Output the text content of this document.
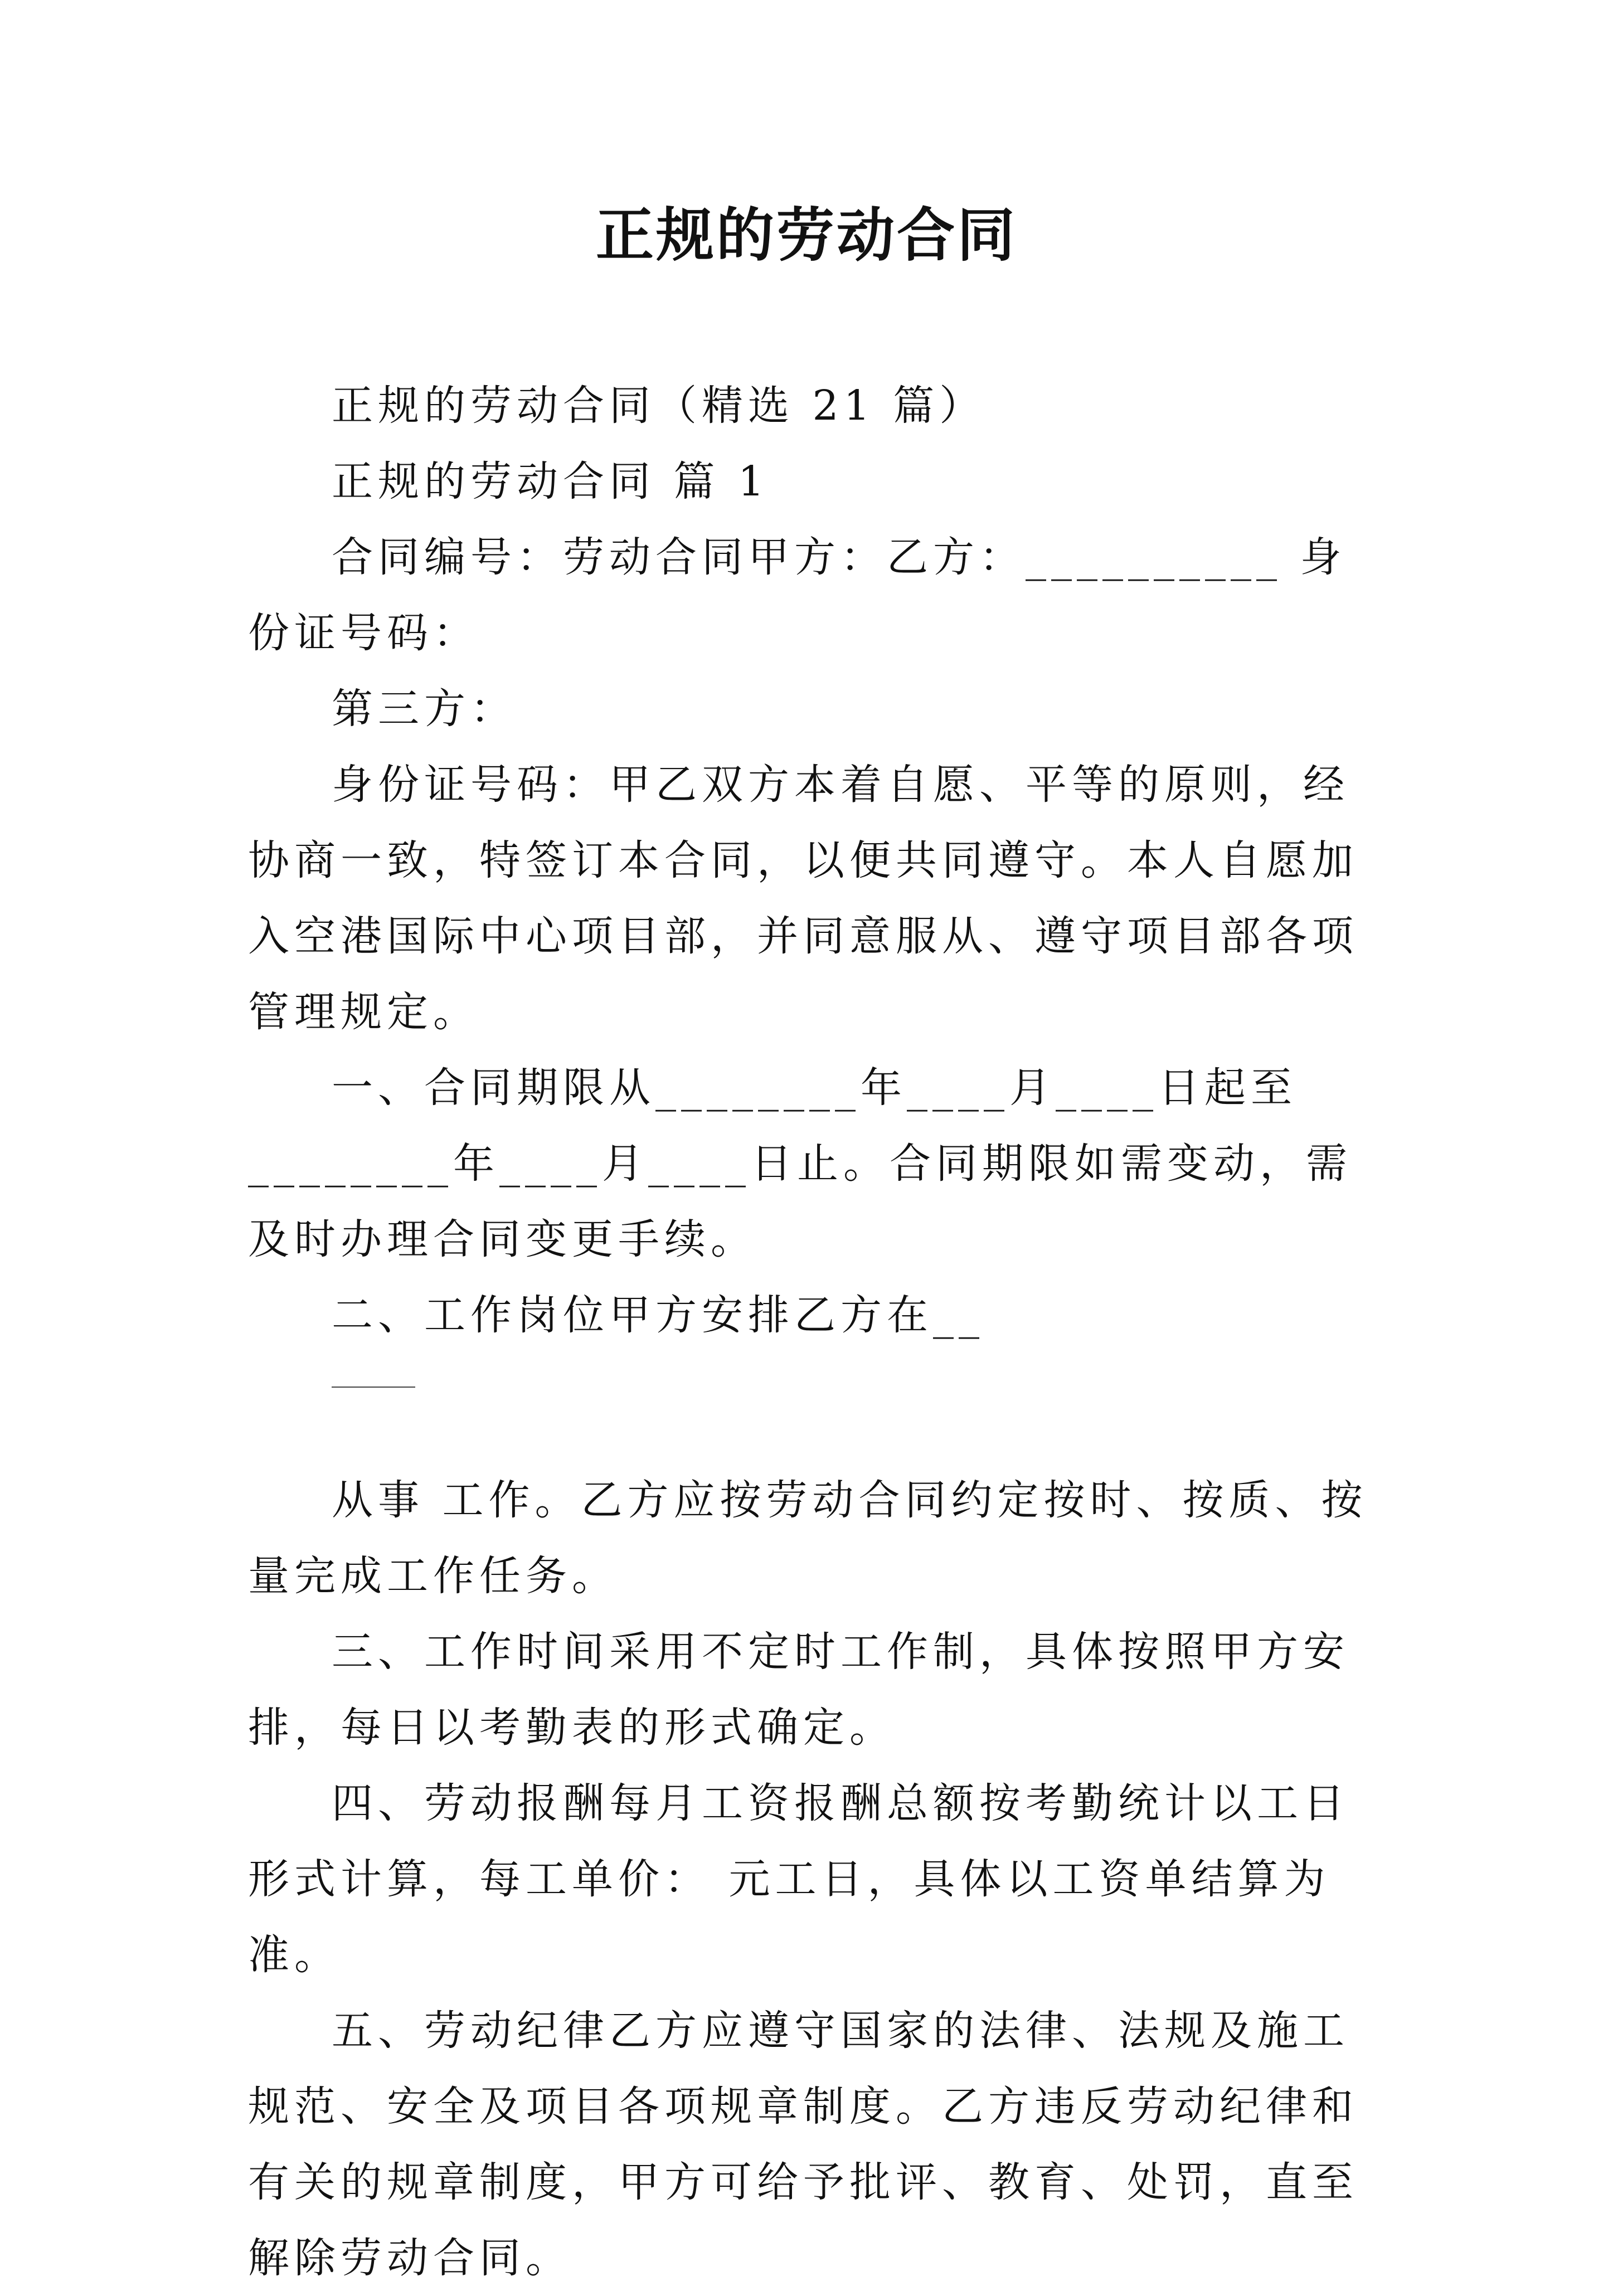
正规的劳动合同

正规的劳动合同（精选 21 篇）

正规的劳动合同 篇 1

合同编号：劳动合同甲方：乙方：__________ 身份证号码：

第三方：

身份证号码：甲乙双方本着自愿、平等的原则，经协商一致，特签订本合同，以便共同遵守。本人自愿加入空港国际中心项目部，并同意服从、遵守项目部各项管理规定。

一、合同期限从________年____月____日起至________年____月____日止。合同期限如需变动，需及时办理合同变更手续。

二、工作岗位甲方安排乙方在__

从事 工作。乙方应按劳动合同约定按时、按质、按量完成工作任务。

三、工作时间采用不定时工作制，具体按照甲方安排，每日以考勤表的形式确定。

四、劳动报酬每月工资报酬总额按考勤统计以工日形式计算，每工单价： 元工日，具体以工资单结算为准。

五、劳动纪律乙方应遵守国家的法律、法规及施工规范、安全及项目各项规章制度。乙方违反劳动纪律和有关的规章制度，甲方可给予批评、教育、处罚，直至解除劳动合同。
